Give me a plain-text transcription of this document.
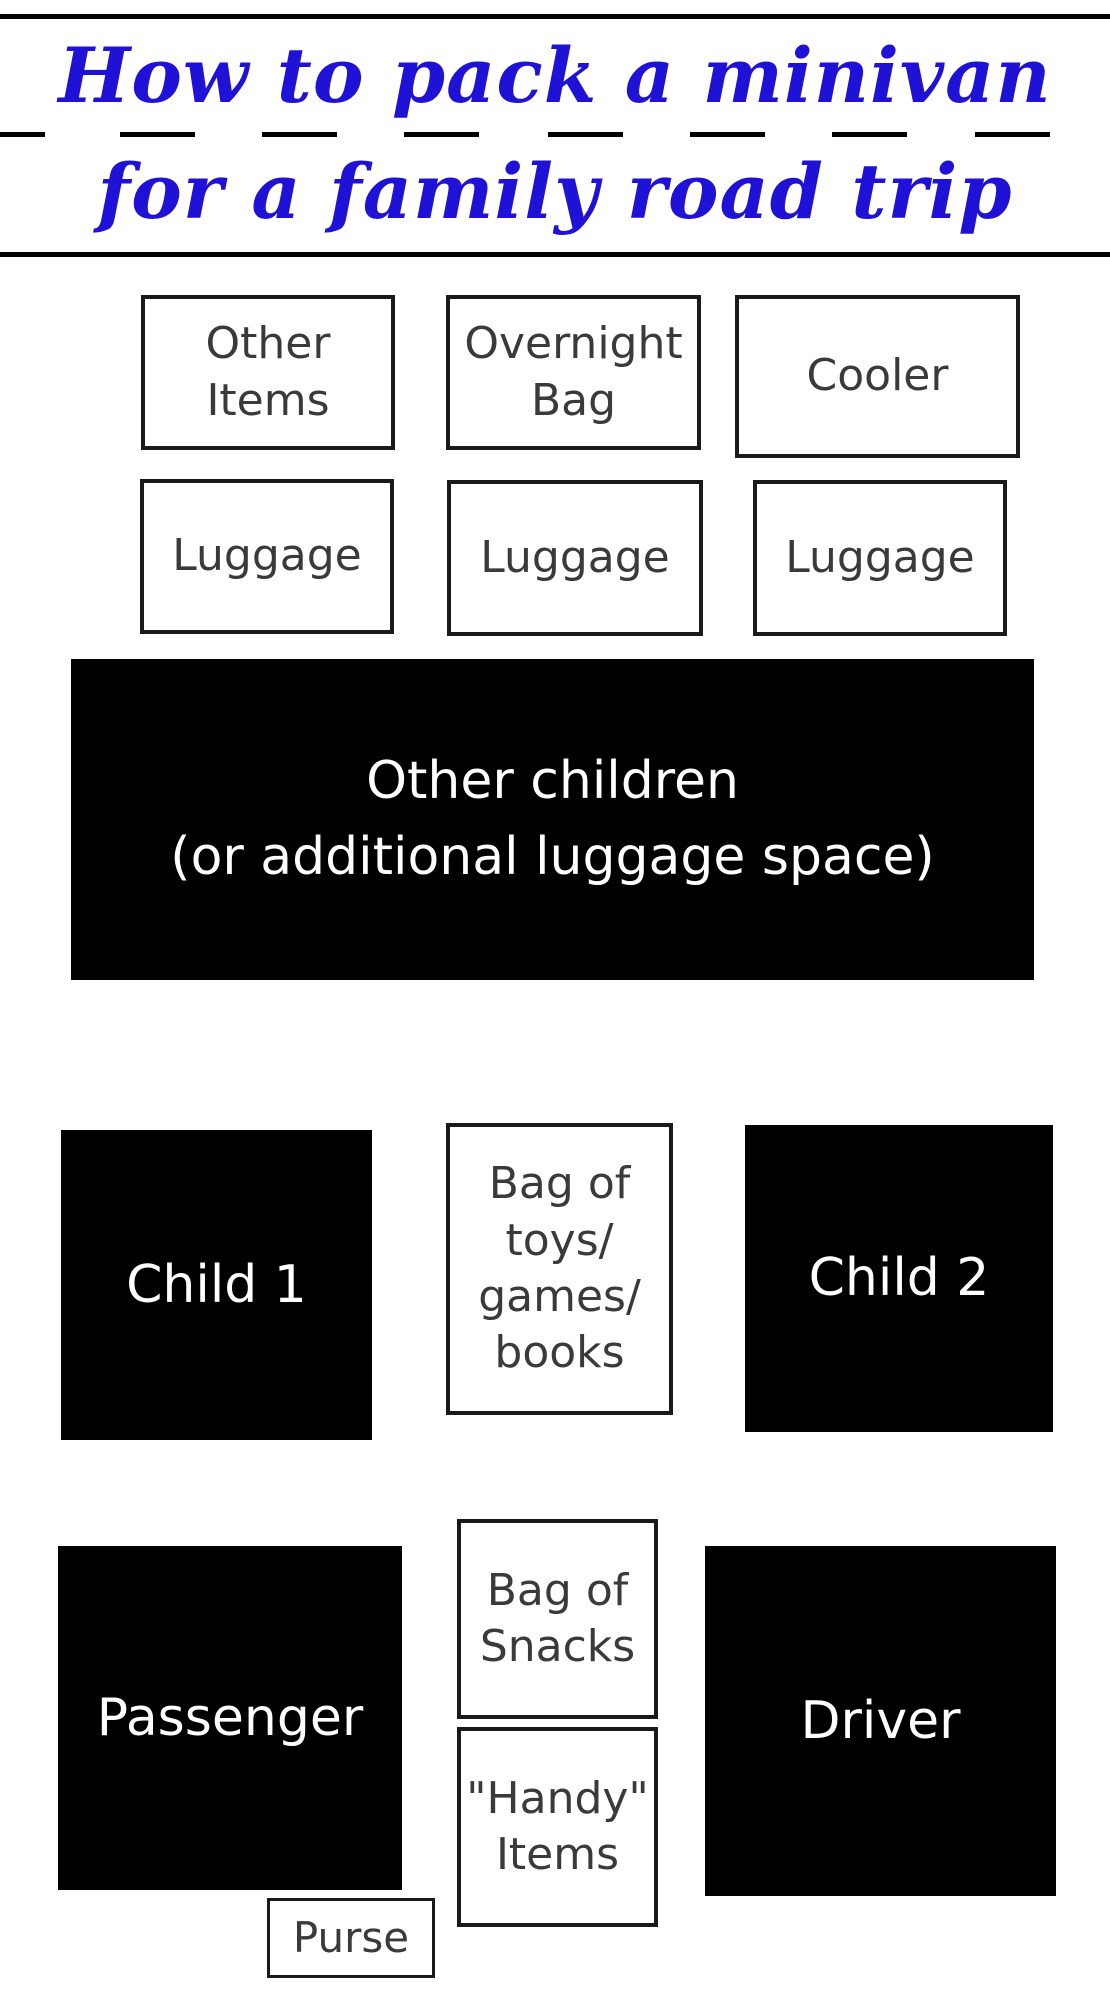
How to pack a minivan
for a family road trip
Other
Items
Overnight
Bag	Cooler
Luggage	Luggage	Luggage
Other children
(or additional luggage space)
Child 1
Bag of
toys/
games/
books
Child 2
Passenger
Bag of
Snacks
"Handy"
Items
Driver
Purse
